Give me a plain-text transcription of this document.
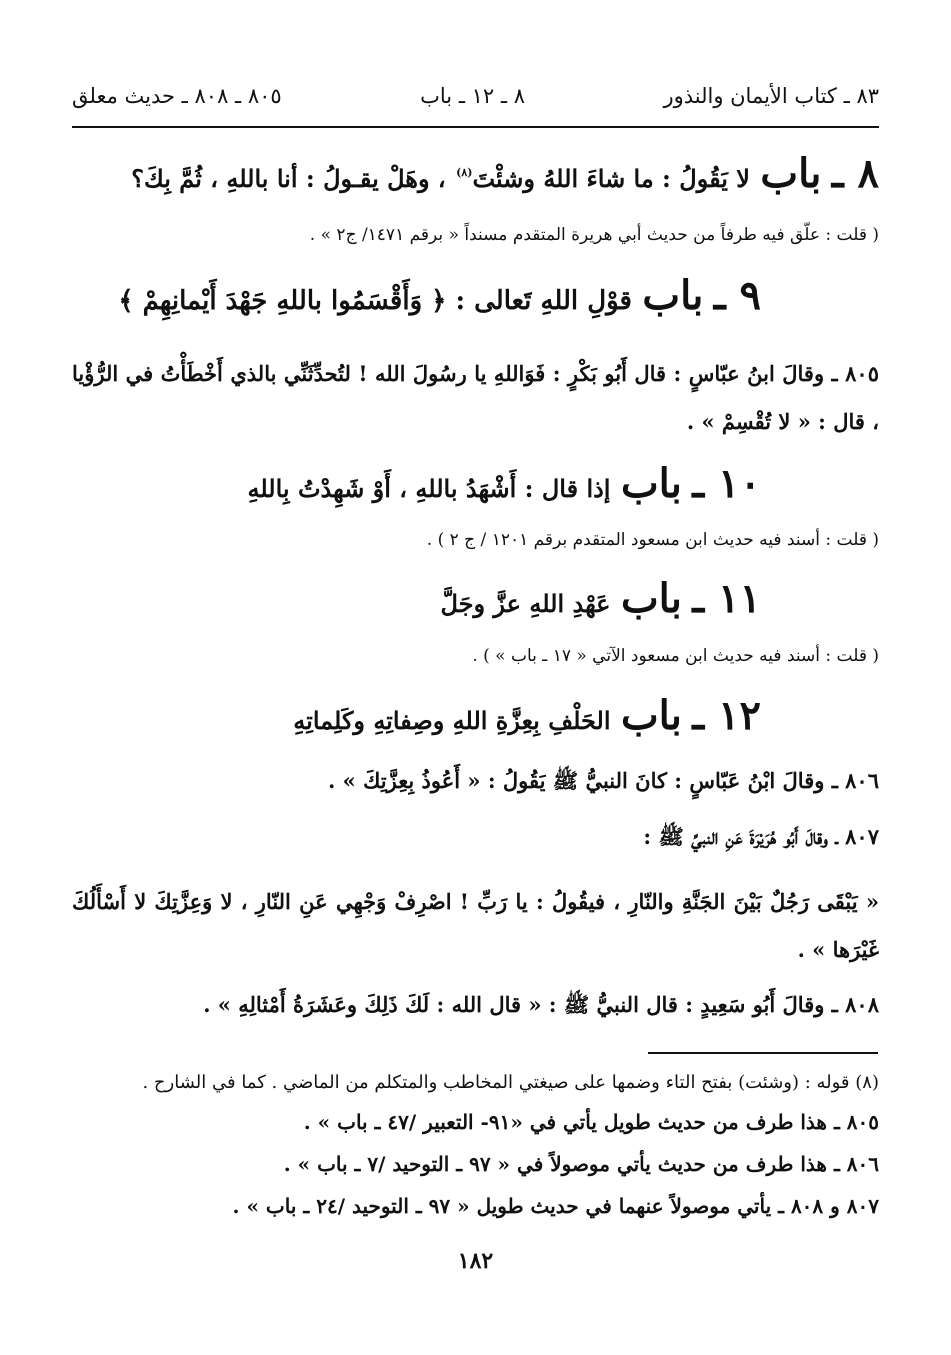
٨٣ ـ كتاب الأيمان والنذور
٨ ـ ١٢ ـ باب
٨٠٥ ـ ٨٠٨ ـ حديث معلق
٨ ـ باب لا يَقُولُ : ما شاءَ اللهُ وشئْتَ$^{(٨)}$ ، وهَلْ يقـولُ : أنا باللهِ ، ثُمَّ بِكَ؟
( قلت : علّق فيه طرفاً من حديث أبي هريرة المتقدم مسنداً « برقم ١٤٧١/ ج٢ » .
٩ ـ باب قوْلِ اللهِ تَعالى : ﴿ وَأَقْسَمُوا باللهِ جَهْدَ أَيْمانِهِمْ ﴾
٨٠٥ ـ وقالَ ابنُ عبّاسٍ : قال أَبُو بَكْرٍ : فَوَاللهِ يا رسُولَ الله ! لتُحدِّثَنِّي بالذي أَخْطَأْتُ في الرُّؤْيا ، قال : « لا تُقْسِمْ » .
١٠ ـ باب إذا قال : أَشْهَدُ باللهِ ، أَوْ شَهِدْتُ بِاللهِ
( قلت : أسند فيه حديث ابن مسعود المتقدم برقم ١٢٠١ / ج ٢ ) .
١١ ـ باب عَهْدِ اللهِ عزَّ وجَلَّ
( قلت : أسند فيه حديث ابن مسعود الآتي « ١٧ ـ باب » ) .
١٢ ـ باب الحَلْفِ بِعِزَّةِ اللهِ وصِفاتِهِ وكَلِماتِهِ
٨٠٦ ـ وقالَ ابْنُ عَبّاسٍ : كانَ النبيُّ ﷺ يَقُولُ : « أَعُوذُ بِعِزَّتِكَ » .
٨٠٧ ـ وقالَ أَبُو هُرَيْرَةَ عَنِ النبيِّ ﷺ :
« يَبْقَى رَجُلٌ بَيْنَ الجَنَّةِ والنّارِ ، فيقُولُ : يا رَبِّ ! اصْرِفْ وَجْهِي عَنِ النّارِ ، لا وَعِزَّتِكَ لا أَسْأَلُكَ غَيْرَها » .
٨٠٨ ـ وقالَ أَبُو سَعِيدٍ : قال النبيُّ ﷺ : « قال الله : لَكَ ذَلِكَ وعَشَرَةُ أَمْثالِهِ » .
(٨) قوله : (وشئت) بفتح التاء وضمها على صيغتي المخاطب والمتكلم من الماضي . كما في الشارح .
٨٠٥ ـ هذا طرف من حديث طويل يأتي في «٩١- التعبير /٤٧ ـ باب » .
٨٠٦ ـ هذا طرف من حديث يأتي موصولاً في « ٩٧ ـ التوحيد /٧ ـ باب » .
٨٠٧ و ٨٠٨ ـ يأتي موصولاً عنهما في حديث طويل « ٩٧ ـ التوحيد /٢٤ ـ باب » .
١٨٢
